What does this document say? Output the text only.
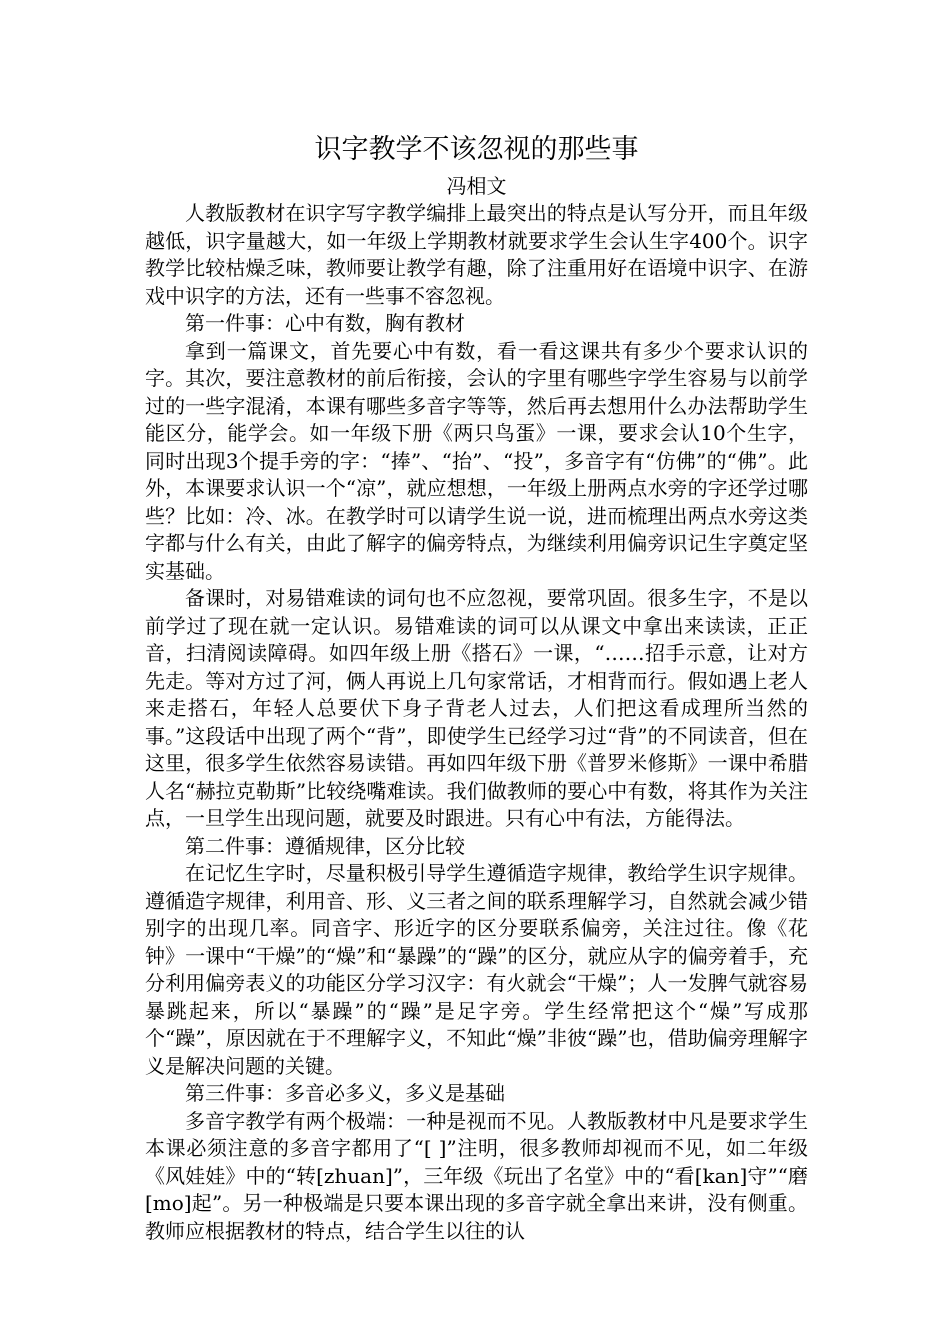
识字教学不该忽视的那些事

冯相文

人教版教材在识字写字教学编排上最突出的特点是认写分开，而且年级越低，识字量越大，如一年级上学期教材就要求学生会认生字400个。识字教学比较枯燥乏味，教师要让教学有趣，除了注重用好在语境中识字、在游戏中识字的方法，还有一些事不容忽视。

第一件事：心中有数，胸有教材

拿到一篇课文，首先要心中有数，看一看这课共有多少个要求认识的字。其次，要注意教材的前后衔接，会认的字里有哪些字学生容易与以前学过的一些字混淆，本课有哪些多音字等等，然后再去想用什么办法帮助学生能区分，能学会。如一年级下册《两只鸟蛋》一课，要求会认10个生字，同时出现3个提手旁的字：“捧”、“抬”、“投”，多音字有“仿佛”的“佛”。此外，本课要求认识一个“凉”，就应想想，一年级上册两点水旁的字还学过哪些？比如：冷、冰。在教学时可以请学生说一说，进而梳理出两点水旁这类字都与什么有关，由此了解字的偏旁特点，为继续利用偏旁识记生字奠定坚实基础。

备课时，对易错难读的词句也不应忽视，要常巩固。很多生字，不是以前学过了现在就一定认识。易错难读的词可以从课文中拿出来读读，正正音，扫清阅读障碍。如四年级上册《搭石》一课，“……招手示意，让对方先走。等对方过了河，俩人再说上几句家常话，才相背而行。假如遇上老人来走搭石，年轻人总要伏下身子背老人过去，人们把这看成理所当然的事。”这段话中出现了两个“背”，即使学生已经学习过“背”的不同读音，但在这里，很多学生依然容易读错。再如四年级下册《普罗米修斯》一课中希腊人名“赫拉克勒斯”比较绕嘴难读。我们做教师的要心中有数，将其作为关注点，一旦学生出现问题，就要及时跟进。只有心中有法，方能得法。

第二件事：遵循规律，区分比较

在记忆生字时，尽量积极引导学生遵循造字规律，教给学生识字规律。遵循造字规律，利用音、形、义三者之间的联系理解学习，自然就会减少错别字的出现几率。同音字、形近字的区分要联系偏旁，关注过往。像《花钟》一课中“干燥”的“燥”和“暴躁”的“躁”的区分，就应从字的偏旁着手，充分利用偏旁表义的功能区分学习汉字：有火就会“干燥”；人一发脾气就容易暴跳起来，所以“暴躁”的“躁”是足字旁。学生经常把这个“燥”写成那个“躁”，原因就在于不理解字义，不知此“燥”非彼“躁”也，借助偏旁理解字义是解决问题的关键。

第三件事：多音必多义，多义是基础

多音字教学有两个极端：一种是视而不见。人教版教材中凡是要求学生本课必须注意的多音字都用了“[ ]”注明，很多教师却视而不见，如二年级《风娃娃》中的“转[zhuan]”，三年级《玩出了名堂》中的“看[kan]守”“磨[mo]起”。另一种极端是只要本课出现的多音字就全拿出来讲，没有侧重。教师应根据教材的特点，结合学生以往的认
